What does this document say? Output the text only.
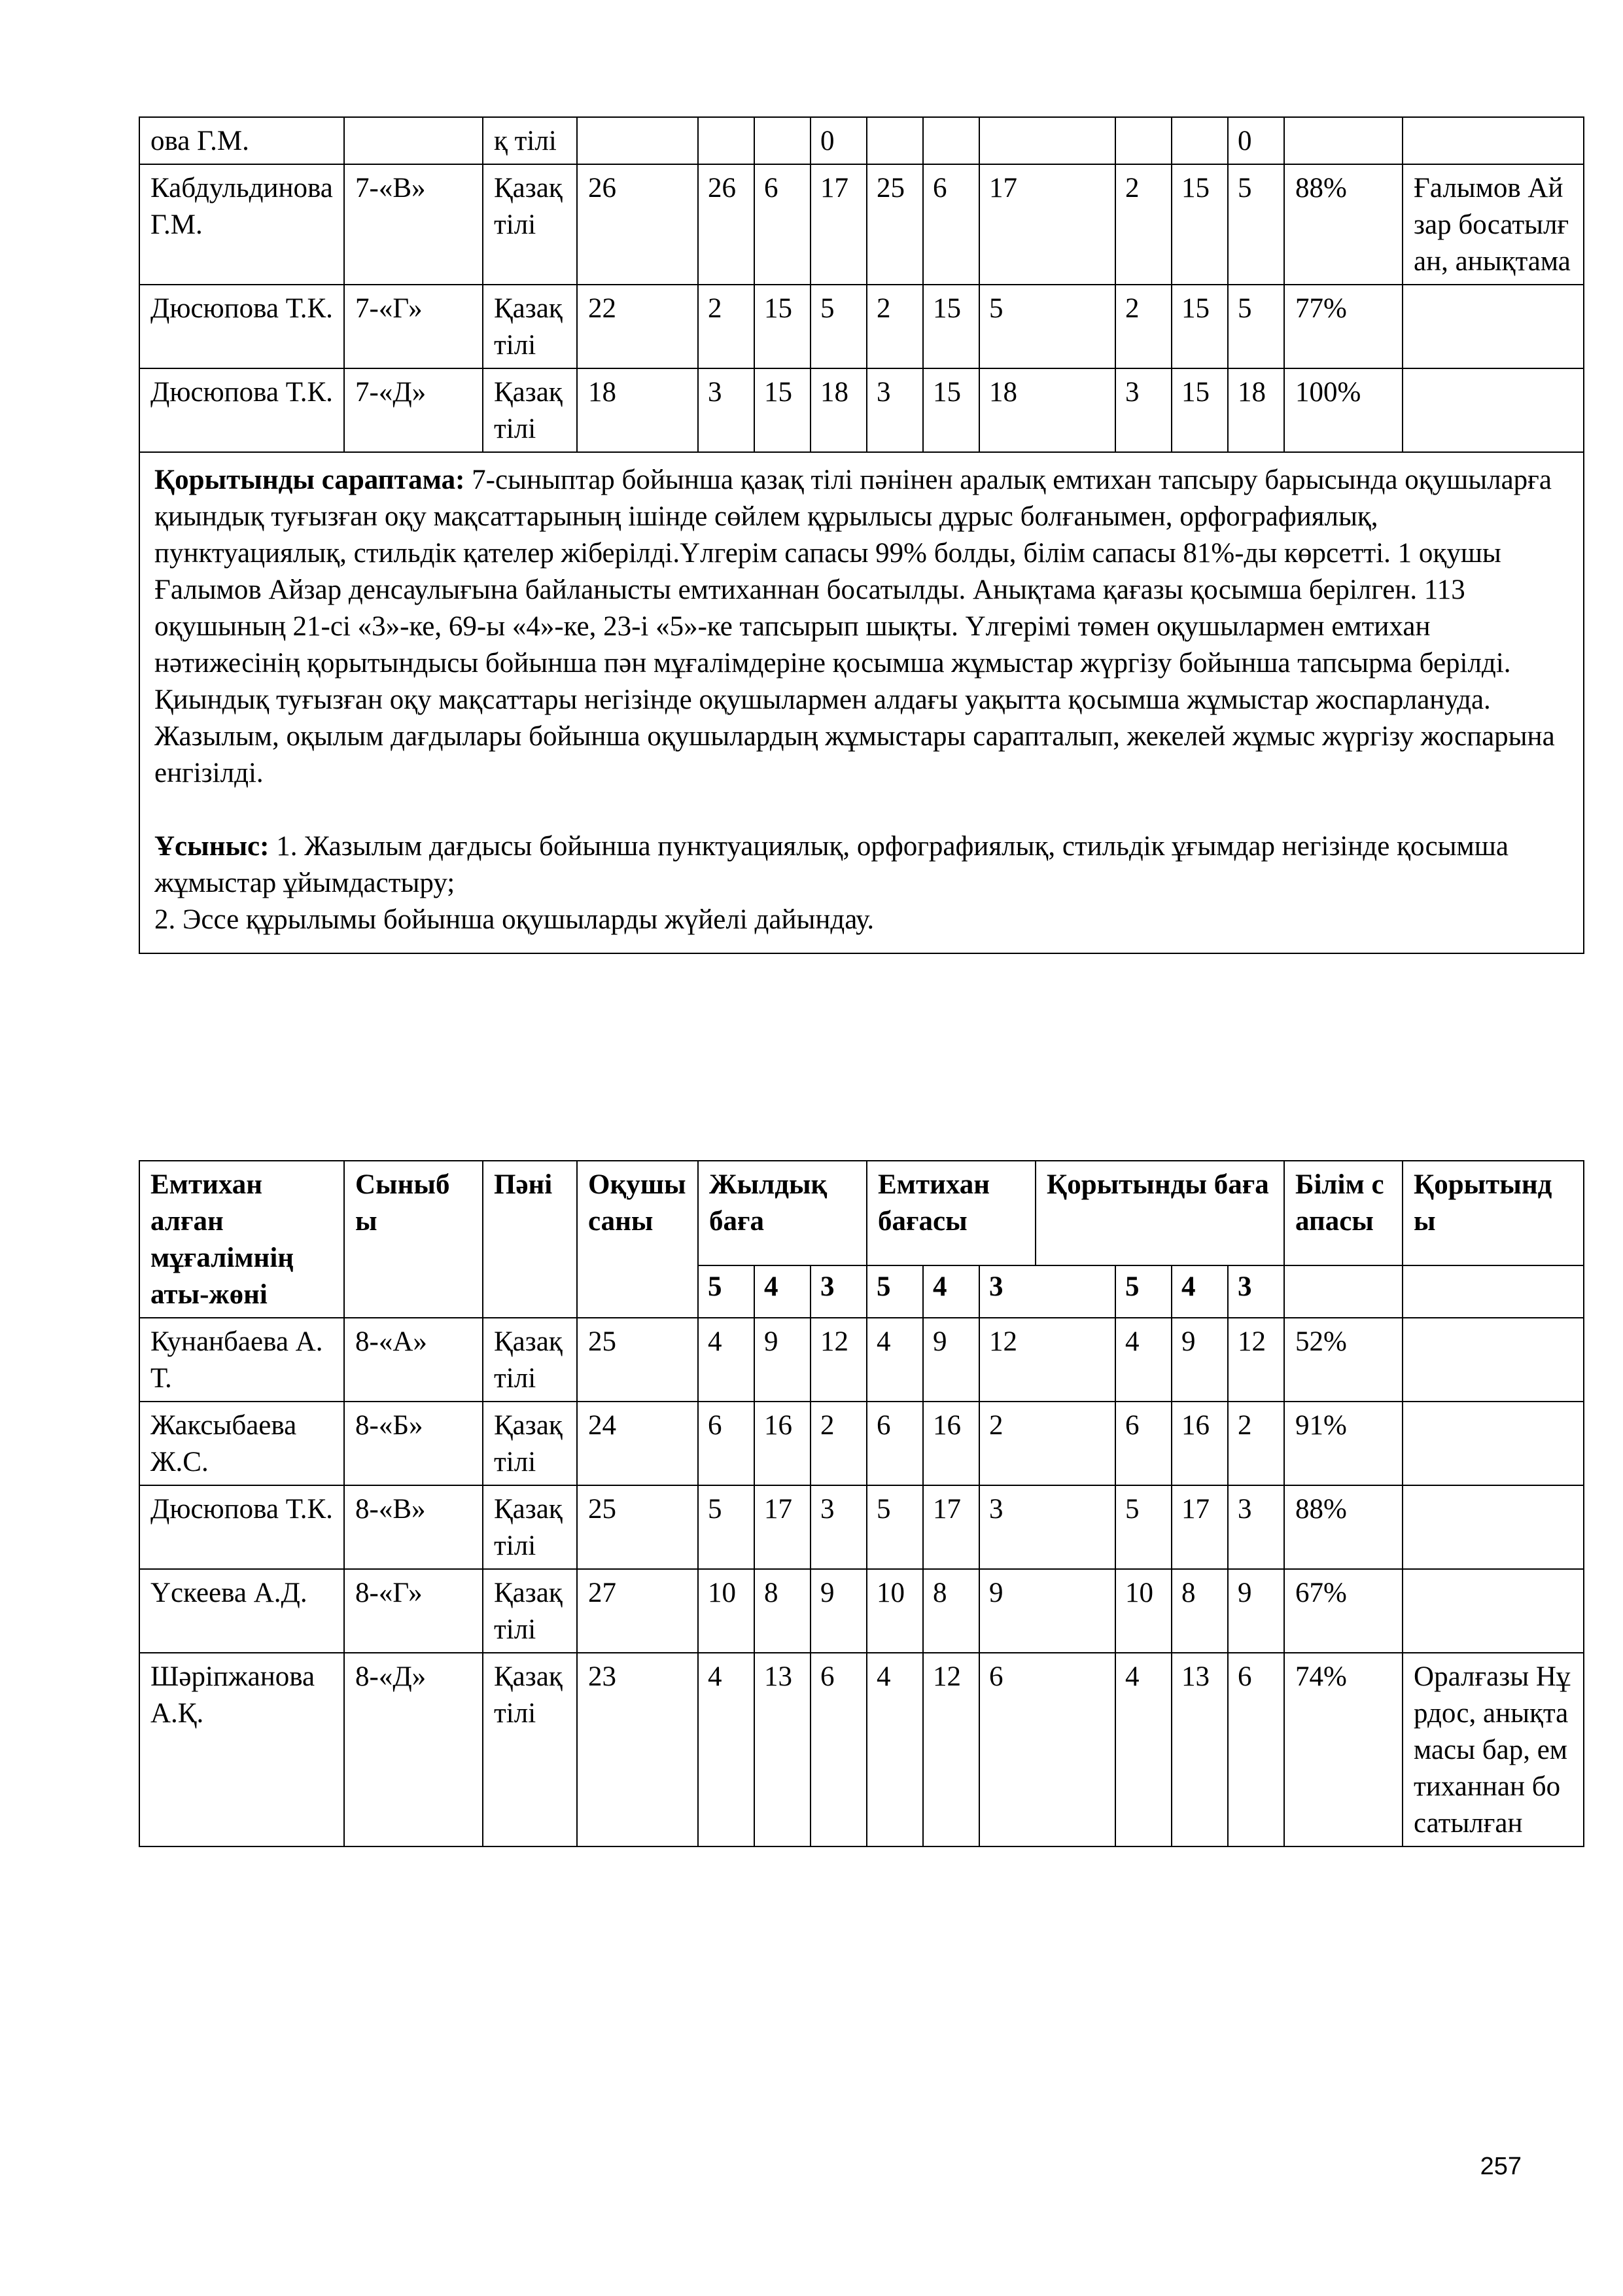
ова Г.М.		қ тілі				0						0		
Кабдульдинова Г.М.	7-«В»	Қазақ тілі	26	26	6	17	25	6	17	2	15	5	88%	Ғалымов Айзар босатылған, анықтама
Дюсюпова Т.К.	7-«Г»	Қазақ тілі	22	2	15	5	2	15	5	2	15	5	77%	
Дюсюпова Т.К.	7-«Д»	Қазақ тілі	18	3	15	18	3	15	18	3	15	18	100%	

Қорытынды сараптама: 7-сыныптар бойынша қазақ тілі пәнінен аралық емтихан тапсыру барысында оқушыларға қиындық туғызған оқу мақсаттарының ішінде сөйлем құрылысы дұрыс болғанымен, орфографиялық, пунктуациялық, стильдік қателер жіберілді.Үлгерім сапасы 99% болды, білім сапасы 81%-ды көрсетті. 1 оқушы Ғалымов Айзар денсаулығына байланысты емтиханнан босатылды. Анықтама қағазы қосымша берілген. 113 оқушының 21-сі «3»-ке, 69-ы «4»-ке, 23-і «5»-ке тапсырып шықты. Үлгерімі төмен оқушылармен емтихан нәтижесінің қорытындысы бойынша пән мұғалімдеріне қосымша жұмыстар жүргізу бойынша тапсырма берілді. Қиындық туғызған оқу мақсаттары негізінде оқушылармен алдағы уақытта қосымша жұмыстар жоспарлануда. Жазылым, оқылым дағдылары бойынша оқушылардың жұмыстары сарапталып, жекелей жұмыс жүргізу жоспарына енгізілді.

Ұсыныс: 1. Жазылым дағдысы бойынша пунктуациялық, орфографиялық, стильдік ұғымдар негізінде қосымша жұмыстар ұйымдастыру;

2. Эссе құрылымы бойынша оқушыларды жүйелі дайындау.														

Емтихан алған мұғалімнің аты-жөні	Сыныбы	Пәні	Оқушы саны	Жылдық баға			Емтихан бағасы			Қорытынды баға				Білім сапасы	Қорытынды
				5	4	3	5	4	3		5	4	3		
Кунанбаева А.Т.	8-«А»	Қазақ тілі	25	4	9	12	4	9	12		4	9	12	52%	
Жаксыбаева Ж.С.	8-«Б»	Қазақ тілі	24	6	16	2	6	16	2		6	16	2	91%	
Дюсюпова Т.К.	8-«В»	Қазақ тілі	25	5	17	3	5	17	3		5	17	3	88%	
Үскеева А.Д.	8-«Г»	Қазақ тілі	27	10	8	9	10	8	9		10	8	9	67%	
Шәріпжанова А.Қ.	8-«Д»	Қазақ тілі	23	4	13	6	4	12	6		4	13	6	74%	Оралғазы Нұрдос, анықтамасы бар, емтиханнан босатылған
257
